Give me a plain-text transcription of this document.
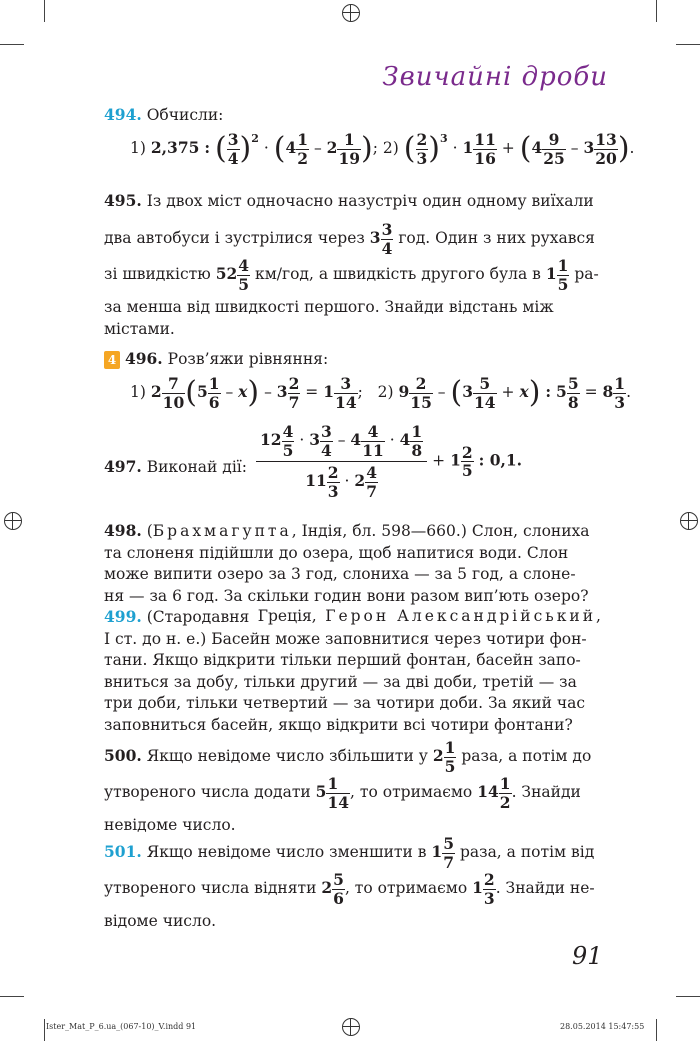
Звичайні дроби
494. Обчисли:
1) 2,375 : ( $\frac{3}{4} )^2 \cdot (4 \frac{1}{2} - 2 \frac{1}{19}$ ); 2) ( $\frac{2}{3} )^3 \cdot 1 \frac{11}{16} + (4 \frac{9}{25} - 3 \frac{13}{20}$ ).
495. Із двох міст одночасно назустріч один одному виїхали
два автобуси і зустрілися через $3 \frac{3}{4}$ год. Один з них рухався
зі швидкістю $52 \frac{4}{5} км/год$, а швидкість другого була в $1 \frac{1}{5} ра-$
за менша від швидкості першого. Знайди відстань між
містами.
4 496. Розв’яжи рівняння:
1) $2 \frac{7}{10} (5 \frac{1}{6} - x) - 3 \frac{2}{7} = 1 \frac{3}{14}$ ; 2) $9 \frac{2}{15} - (3 \frac{5}{14} + x)$ : $5 \frac{5}{8} = 8 \frac{1}{3}$ .
497. Виконай дії: $\frac{12 \frac{4}{5} \cdot 3 \frac{3}{4} - 4 \frac{4}{11} \cdot 4 \frac{1}{8}}{11 \frac{2}{3} \cdot 2 \frac{4}{7}} + 1 \frac{2}{5}$ : 0,1.
498. (Брахмагупта, Індія, бл. 598—660.) Слон, слониха
та слоненя підійшли до озера, щоб напитися води. Слон
може випити озеро за 3 год, слониха — за 5 год, а слоне-
ня — за 6 год. За скільки годин вони разом вип’ють озеро?
499. (Стародавня Греція, Герон Александрійський,
I ст. до н. е.) Басейн може заповнитися через чотири фон-
тани. Якщо відкрити тільки перший фонтан, басейн запо-
вниться за добу, тільки другий — за дві доби, третій — за
три доби, тільки четвертий — за чотири доби. За який час
заповниться басейн, якщо відкрити всі чотири фонтани?
500. Якщо невідоме число збільшити у $2 \frac{1}{5}$ раза, а потім до
утвореного числа додати $5 \frac{1}{14}$ , то отримаємо $14 \frac{1}{2}$ . Знайди
невідоме число.
501. Якщо невідоме число зменшити в $1 \frac{5}{7}$ раза, а потім від
утвореного числа відняти $2 \frac{5}{6}$ , то отримаємо $1 \frac{2}{3}$ . Знайди не-
відоме число.
91
Ister_Mat_P_6.ua_(067-10)_V.indd 91	28.05.2014 15:47:55
